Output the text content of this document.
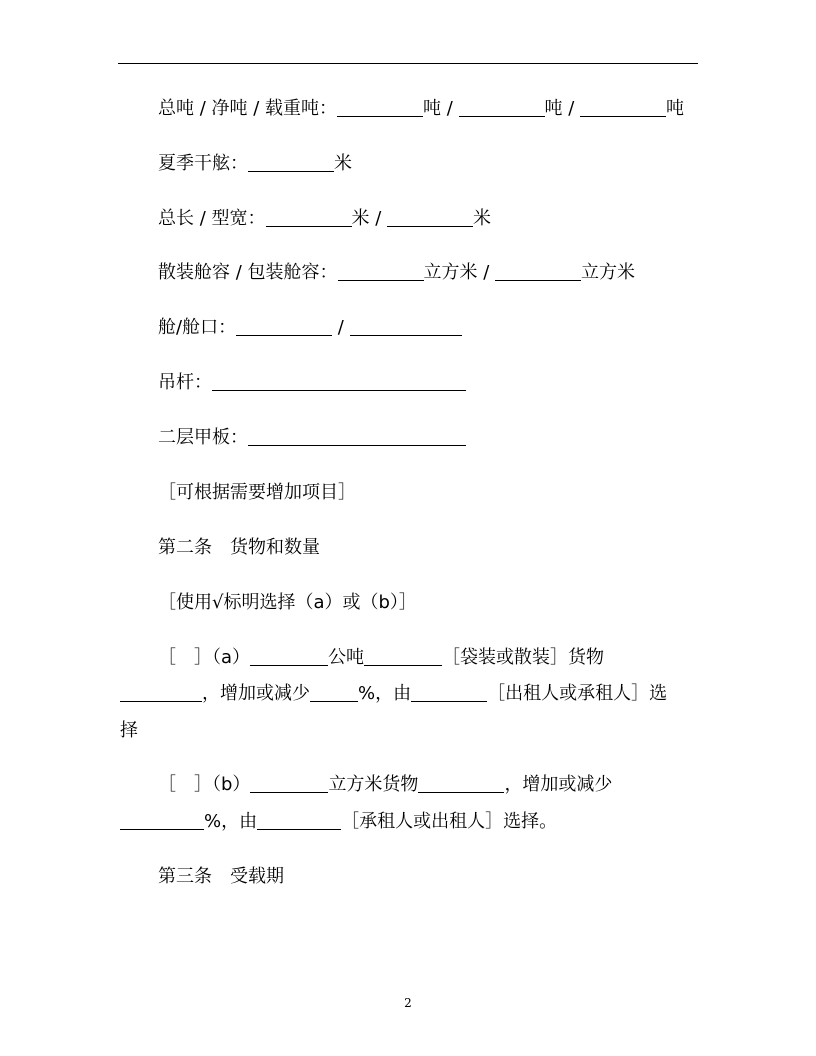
总吨 / 净吨 / 载重吨：	吨 /	吨 /	吨
夏季干舷：	米
总长 / 型宽：	米 /	米
散装舱容 / 包装舱容：	立方米 /	立方米
舱/舱口：	/
吊杆：
二层甲板：
［可根据需要增加项目］
第二条　货物和数量
［使用√标明选择（a）或（b）］
［　］（a）	公吨	［袋装或散装］货物
，增加或减少	%，由	［出租人或承租人］选
择
［　］（b）	立方米货物	，增加或减少
%，由	［承租人或出租人］选择。
第三条　受载期
2
